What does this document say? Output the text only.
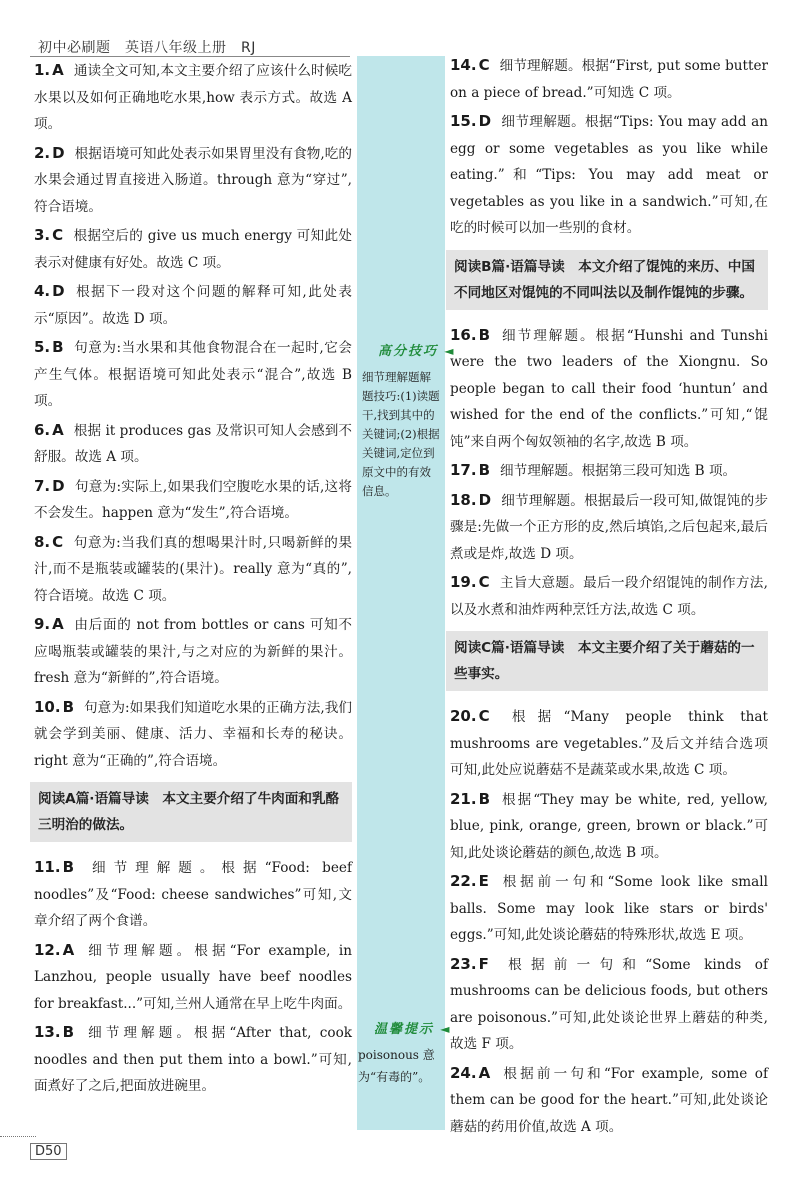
初中必刷题　英语八年级上册　RJ
1. A 通读全文可知,本文主要介绍了应该什么时候吃水果以及如何正确地吃水果,how 表示方式。故选 A 项。
2. D 根据语境可知此处表示如果胃里没有食物,吃的水果会通过胃直接进入肠道。through 意为“穿过”,符合语境。
3. C 根据空后的 give us much energy 可知此处表示对健康有好处。故选 C 项。
4. D 根据下一段对这个问题的解释可知,此处表示“原因”。故选 D 项。
5. B 句意为:当水果和其他食物混合在一起时,它会产生气体。根据语境可知此处表示“混合”,故选 B 项。
6. A 根据 it produces gas 及常识可知人会感到不舒服。故选 A 项。
7. D 句意为:实际上,如果我们空腹吃水果的话,这将不会发生。happen 意为“发生”,符合语境。
8. C 句意为:当我们真的想喝果汁时,只喝新鲜的果汁,而不是瓶装或罐装的(果汁)。really 意为“真的”,符合语境。故选 C 项。
9. A 由后面的 not from bottles or cans 可知不应喝瓶装或罐装的果汁,与之对应的为新鲜的果汁。fresh 意为“新鲜的”,符合语境。
10. B 句意为:如果我们知道吃水果的正确方法,我们就会学到美丽、健康、活力、幸福和长寿的秘诀。right 意为“正确的”,符合语境。
阅读A篇·语篇导读　本文主要介绍了牛肉面和乳酪三明治的做法。
11. B 细节理解题。根据“Food: beef noodles”及“Food: cheese sandwiches”可知,文章介绍了两个食谱。
12. A 细节理解题。根据“For example, in Lanzhou, people usually have beef noodles for breakfast...”可知,兰州人通常在早上吃牛肉面。
13. B 细节理解题。根据“After that, cook noodles and then put them into a bowl.”可知,面煮好了之后,把面放进碗里。
14. C 细节理解题。根据“First, put some butter on a piece of bread.”可知选 C 项。
15. D 细节理解题。根据“Tips: You may add an egg or some vegetables as you like while eating.”和“Tips: You may add meat or vegetables as you like in a sandwich.”可知,在吃的时候可以加一些别的食材。
阅读B篇·语篇导读　本文介绍了馄饨的来历、中国不同地区对馄饨的不同叫法以及制作馄饨的步骤。
16. B 细节理解题。根据“Hunshi and Tunshi were the two leaders of the Xiongnu. So people began to call their food ‘huntun’ and wished for the end of the conflicts.”可知,“馄饨”来自两个匈奴领袖的名字,故选 B 项。
17. B 细节理解题。根据第三段可知选 B 项。
18. D 细节理解题。根据最后一段可知,做馄饨的步骤是:先做一个正方形的皮,然后填馅,之后包起来,最后煮或是炸,故选 D 项。
19. C 主旨大意题。最后一段介绍馄饨的制作方法,以及水煮和油炸两种烹饪方法,故选 C 项。
阅读C篇·语篇导读　本文主要介绍了关于蘑菇的一些事实。
20. C 根据“Many people think that mushrooms are vegetables.”及后文并结合选项可知,此处应说蘑菇不是蔬菜或水果,故选 C 项。
21. B 根据“They may be white, red, yellow, blue, pink, orange, green, brown or black.”可知,此处谈论蘑菇的颜色,故选 B 项。
22. E 根据前一句和“Some look like small balls. Some may look like stars or birds' eggs.”可知,此处谈论蘑菇的特殊形状,故选 E 项。
23. F 根据前一句和“Some kinds of mushrooms can be delicious foods, but others are poisonous.”可知,此处谈论世界上蘑菇的种类,故选 F 项。
24. A 根据前一句和“For example, some of them can be good for the heart.”可知,此处谈论蘑菇的药用价值,故选 A 项。
高分技巧 ◄
细节理解题解题技巧:(1)读题干,找到其中的关键词;(2)根据关键词,定位到原文中的有效信息。
温馨提示 ◄
poisonous 意为“有毒的”。
D50
